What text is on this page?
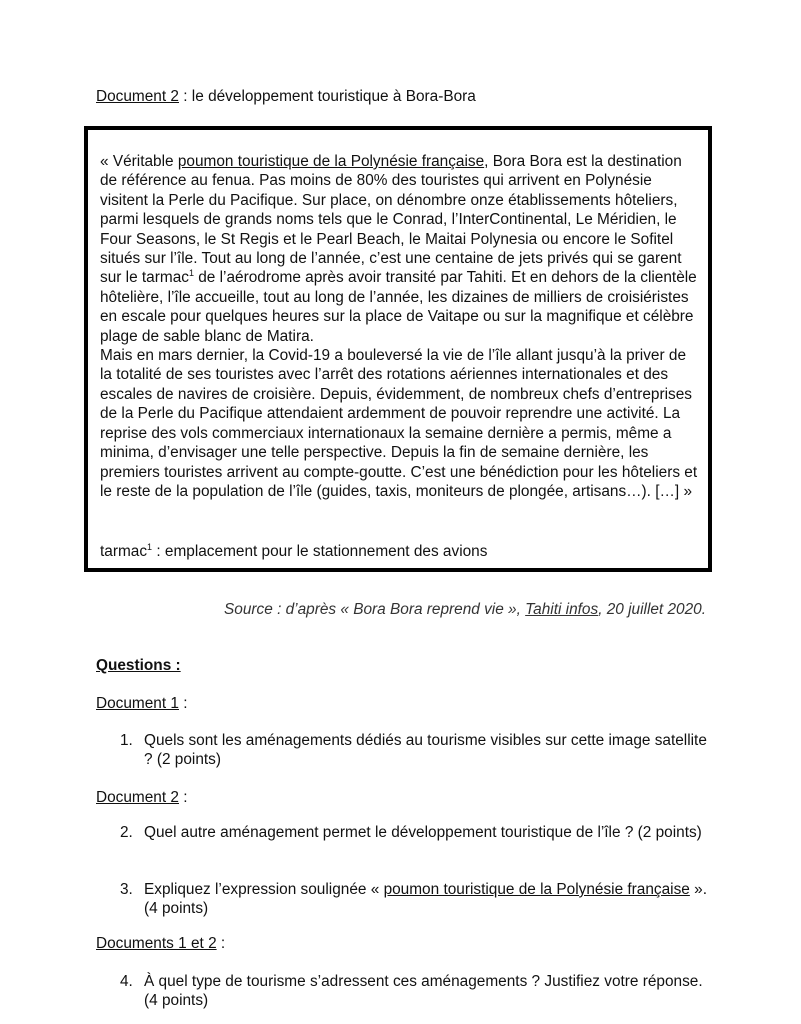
Document 2 : le développement touristique à Bora-Bora

« Véritable poumon touristique de la Polynésie française, Bora Bora est la destination de référence au fenua. Pas moins de 80% des touristes qui arrivent en Polynésie visitent la Perle du Pacifique. Sur place, on dénombre onze établissements hôteliers, parmi lesquels de grands noms tels que le Conrad, l’InterContinental, Le Méridien, le Four Seasons, le St Regis et le Pearl Beach, le Maitai Polynesia ou encore le Sofitel situés sur l’île. Tout au long de l’année, c’est une centaine de jets privés qui se garent sur le tarmac$^1$ de l’aérodrome après avoir transité par Tahiti. Et en dehors de la clientèle hôtelière, l’île accueille, tout au long de l’année, les dizaines de milliers de croisiéristes en escale pour quelques heures sur la place de Vaitape ou sur la magnifique et célèbre plage de sable blanc de Matira.

Mais en mars dernier, la Covid-19 a bouleversé la vie de l’île allant jusqu’à la priver de la totalité de ses touristes avec l’arrêt des rotations aériennes internationales et des escales de navires de croisière. Depuis, évidemment, de nombreux chefs d’entreprises de la Perle du Pacifique attendaient ardemment de pouvoir reprendre une activité. La reprise des vols commerciaux internationaux la semaine dernière a permis, même a minima, d’envisager une telle perspective. Depuis la fin de semaine dernière, les premiers touristes arrivent au compte-goutte. C’est une bénédiction pour les hôteliers et le reste de la population de l’île (guides, taxis, moniteurs de plongée, artisans…). […] »

tarmac$^1$ : emplacement pour le stationnement des avions
Source : d’après « Bora Bora reprend vie », Tahiti infos, 20 juillet 2020.
Questions :
Document 1 :
1. Quels sont les aménagements dédiés au tourisme visibles sur cette image satellite ? (2 points)
Document 2 :
2. Quel autre aménagement permet le développement touristique de l’île ? (2 points)
3. Expliquez l’expression soulignée « poumon touristique de la Polynésie française ». (4 points)
Documents 1 et 2 :
4. À quel type de tourisme s’adressent ces aménagements ? Justifiez votre réponse. (4 points)
